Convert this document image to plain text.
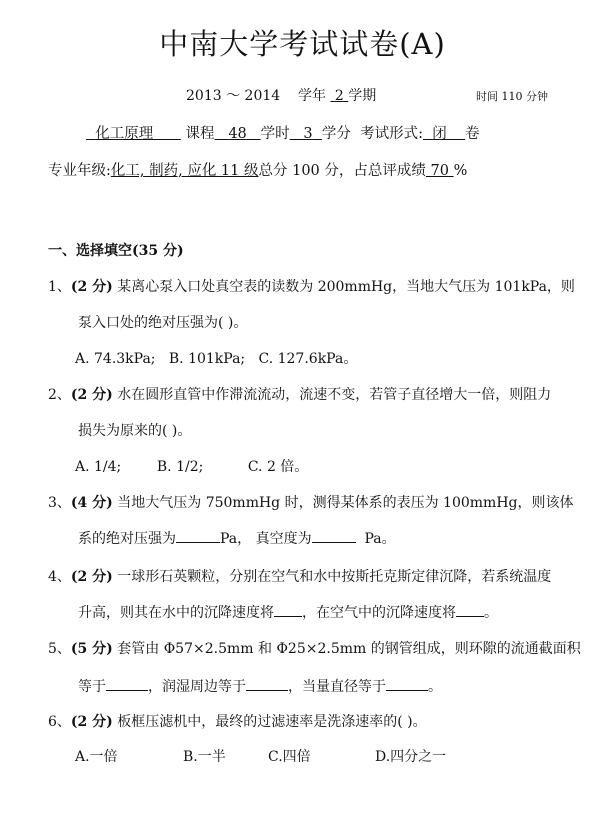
中南大学考试试卷(A)
2013 ～ 2014 学年 2 学期	时间 110 分钟
化工原理 课程 48 学时 3 学分 考试形式: 闭 卷
专业年级:化工, 制药, 应化 11 级总分 100 分，占总评成绩 70 %
一、选择填空(35 分)
1、(2 分) 某离心泵入口处真空表的读数为 200mmHg，当地大气压为 101kPa，则
泵入口处的绝对压强为( )。
A. 74.3kPa; B. 101kPa; C. 127.6kPa。
2、(2 分) 水在圆形直管中作滞流流动，流速不变，若管子直径增大一倍，则阻力
损失为原来的( )。
A. 1/4;	B. 1/2;	C. 2 倍。
3、(4 分) 当地大气压为 750mmHg 时，测得某体系的表压为 100mmHg，则该体
系的绝对压强为	Pa， 真空度为	Pa。
4、(2 分) 一球形石英颗粒，分别在空气和水中按斯托克斯定律沉降，若系统温度
升高，则其在水中的沉降速度将 ，在空气中的沉降速度将 。
5、(5 分) 套管由 Φ57×2.5mm 和 Φ25×2.5mm 的钢管组成，则环隙的流通截面积
等于	，润湿周边等于	，当量直径等于	。
6、(2 分) 板框压滤机中，最终的过滤速率是洗涤速率的( )。
A.一倍	B.一半	C.四倍	D.四分之一
